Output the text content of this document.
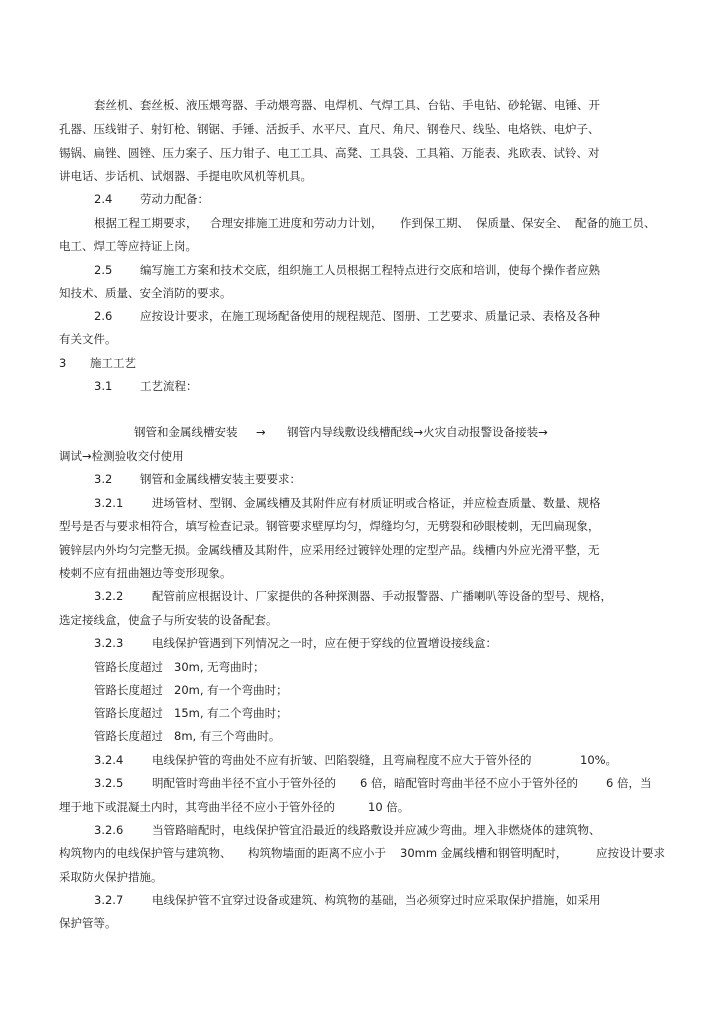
套丝机、套丝板、液压煨弯器、手动煨弯器、电焊机、气焊工具、台钻、手电钻、砂轮锯、电锤、开
孔器、压线钳子、射钉枪、钢锯、手锤、活扳手、水平尺、直尺、角尺、钢卷尺、线坠、电烙铁、电炉子、
锡锅、扁锉、圆锉、压力案子、压力钳子、电工工具、高凳、工具袋、工具箱、万能表、兆欧表、试铃、对
讲电话、步话机、试烟器、手提电吹风机等机具。
2.4 劳动力配备：
根据工程工期要求， 合理安排施工进度和劳动力计划， 作到保工期、 保质量、保安全、 配备的施工员、
电工、焊工等应持证上岗。
2.5 编写施工方案和技术交底，组织施工人员根据工程特点进行交底和培训，使每个操作者应熟
知技术、质量、安全消防的要求。
2.6 应按设计要求，在施工现场配备使用的规程规范、图册、工艺要求、质量记录、表格及各种
有关文件。
3 施工工艺
3.1 工艺流程：
钢管和金属线槽安装 → 钢管内导线敷设线槽配线→火灾自动报警设备接装→
调试→检测验收交付使用
3.2 钢管和金属线槽安装主要要求：
3.2.1 进场管材、型钢、金属线槽及其附件应有材质证明或合格证，并应检查质量、数量、规格
型号是否与要求相符合，填写检查记录。钢管要求壁厚均匀，焊缝均匀，无劈裂和砂眼棱刺，无凹扁现象，
镀锌层内外均匀完整无损。金属线槽及其附件，应采用经过镀锌处理的定型产品。线槽内外应光滑平整，无
棱刺不应有扭曲翘边等变形现象。
3.2.2 配管前应根据设计、厂家提供的各种探测器、手动报警器、广播喇叭等设备的型号、规格，
选定接线盒，使盒子与所安装的设备配套。
3.2.3 电线保护管遇到下列情况之一时，应在便于穿线的位置增设接线盒：
管路长度超过 30m, 无弯曲时；
管路长度超过 20m, 有一个弯曲时；
管路长度超过 15m, 有二个弯曲时；
管路长度超过 8m, 有三个弯曲时。
3.2.4 电线保护管的弯曲处不应有折皱、凹陷裂缝，且弯扁程度不应大于管外径的	10%。
3.2.5 明配管时弯曲半径不宜小于管外径的 6 倍，暗配管时弯曲半径不应小于管外径的 6 倍，当
埋于地下或混凝土内时，其弯曲半径不应小于管外径的	10 倍。
3.2.6 当管路暗配时，电线保护管宜沿最近的线路敷设并应减少弯曲。埋入非燃烧体的建筑物、
构筑物内的电线保护管与建筑物、 构筑物墙面的距离不应小于 30mm 金属线槽和钢管明配时，	应按设计要求
采取防火保护措施。
3.2.7 电线保护管不宜穿过设备或建筑、构筑物的基础，当必须穿过时应采取保护措施，如采用
保护管等。
